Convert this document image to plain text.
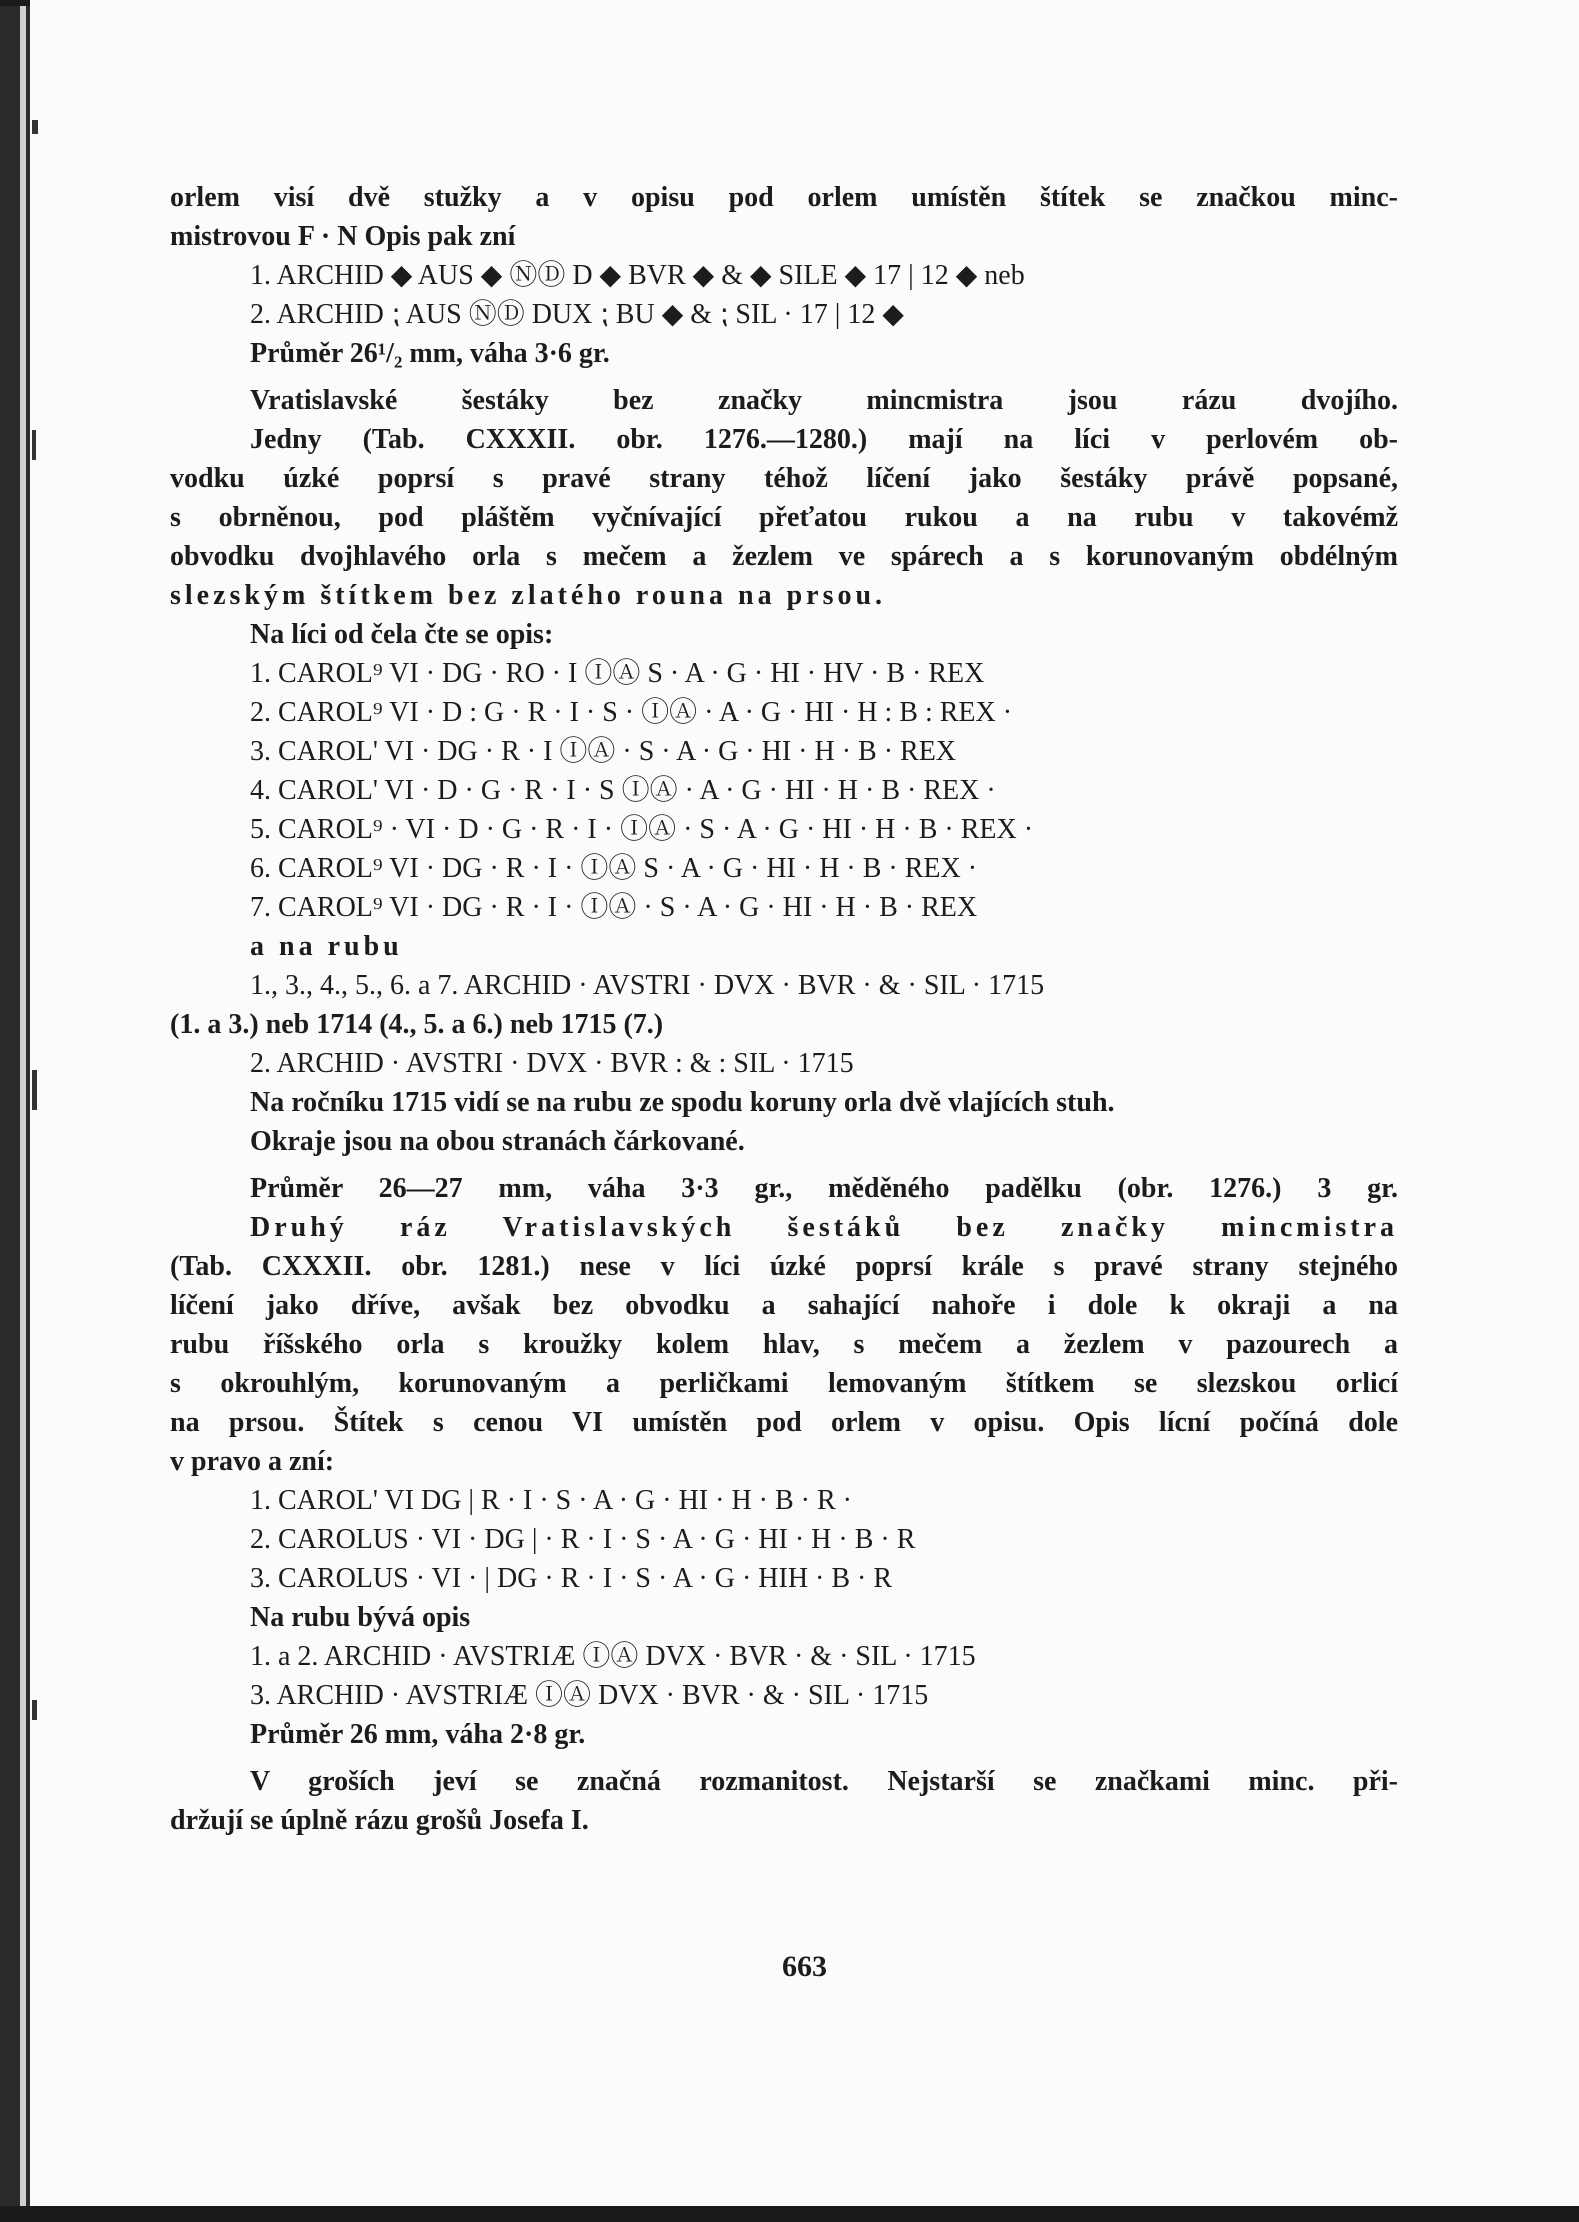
orlem visí dvě stužky a v opisu pod orlem umístěn štítek se značkou minc-
mistrovou F · N Opis pak zní
1. ARCHID ◆ AUS ◆ ⓃⒹ D ◆ BVR ◆ & ◆ SILE ◆ 17 | 12 ◆ neb
2. ARCHID ⁏ AUS ⓃⒹ DUX ⁏ BU ◆ & ⁏ SIL · 17 | 12 ◆
Průměr 26¹/₂ mm, váha 3·6 gr.
Vratislavské šestáky bez značky mincmistra jsou rázu dvojího.
Jedny (Tab. CXXXII. obr. 1276.—1280.) mají na líci v perlovém ob-
vodku úzké poprsí s pravé strany téhož líčení jako šestáky právě popsané,
s obrněnou, pod pláštěm vyčnívající přeťatou rukou a na rubu v takovémž
obvodku dvojhlavého orla s mečem a žezlem ve spárech a s korunovaným obdélným
slezským štítkem bez zlatého rouna na prsou.
Na líci od čela čte se opis:
1. CAROL⁹ VI · DG · RO · I ⒾⒶ S · A · G · HI · HV · B · REX
2. CAROL⁹ VI · D : G · R · I · S · ⒾⒶ · A · G · HI · H : B : REX ·
3. CAROL' VI · DG · R · I ⒾⒶ · S · A · G · HI · H · B · REX
4. CAROL' VI · D · G · R · I · S ⒾⒶ · A · G · HI · H · B · REX ·
5. CAROL⁹ · VI · D · G · R · I · ⒾⒶ · S · A · G · HI · H · B · REX ·
6. CAROL⁹ VI · DG · R · I · ⒾⒶ S · A · G · HI · H · B · REX ·
7. CAROL⁹ VI · DG · R · I · ⒾⒶ · S · A · G · HI · H · B · REX
a na rubu
1., 3., 4., 5., 6. a 7. ARCHID · AVSTRI · DVX · BVR · & · SIL · 1715
(1. a 3.) neb 1714 (4., 5. a 6.) neb 1715 (7.)
2. ARCHID · AVSTRI · DVX · BVR : & : SIL · 1715
Na ročníku 1715 vidí se na rubu ze spodu koruny orla dvě vlajících stuh.
Okraje jsou na obou stranách čárkované.
Průměr 26—27 mm, váha 3·3 gr., měděného padělku (obr. 1276.) 3 gr.
Druhý ráz Vratislavských šestáků bez značky mincmistra
(Tab. CXXXII. obr. 1281.) nese v líci úzké poprsí krále s pravé strany stejného
líčení jako dříve, avšak bez obvodku a sahající nahoře i dole k okraji a na
rubu říšského orla s kroužky kolem hlav, s mečem a žezlem v pazourech a
s okrouhlým, korunovaným a perličkami lemovaným štítkem se slezskou orlicí
na prsou. Štítek s cenou VI umístěn pod orlem v opisu. Opis lícní počíná dole
v pravo a zní:
1. CAROL' VI DG | R · I · S · A · G · HI · H · B · R ·
2. CAROLUS · VI · DG | · R · I · S · A · G · HI · H · B · R
3. CAROLUS · VI · | DG · R · I · S · A · G · HIH · B · R
Na rubu bývá opis
1. a 2. ARCHID · AVSTRIÆ ⒾⒶ DVX · BVR · & · SIL · 1715
3. ARCHID · AVSTRIÆ ⒾⒶ DVX · BVR · & · SIL · 1715
Průměr 26 mm, váha 2·8 gr.
V groších jeví se značná rozmanitost. Nejstarší se značkami minc. při-
držují se úplně rázu grošů Josefa I.
663
